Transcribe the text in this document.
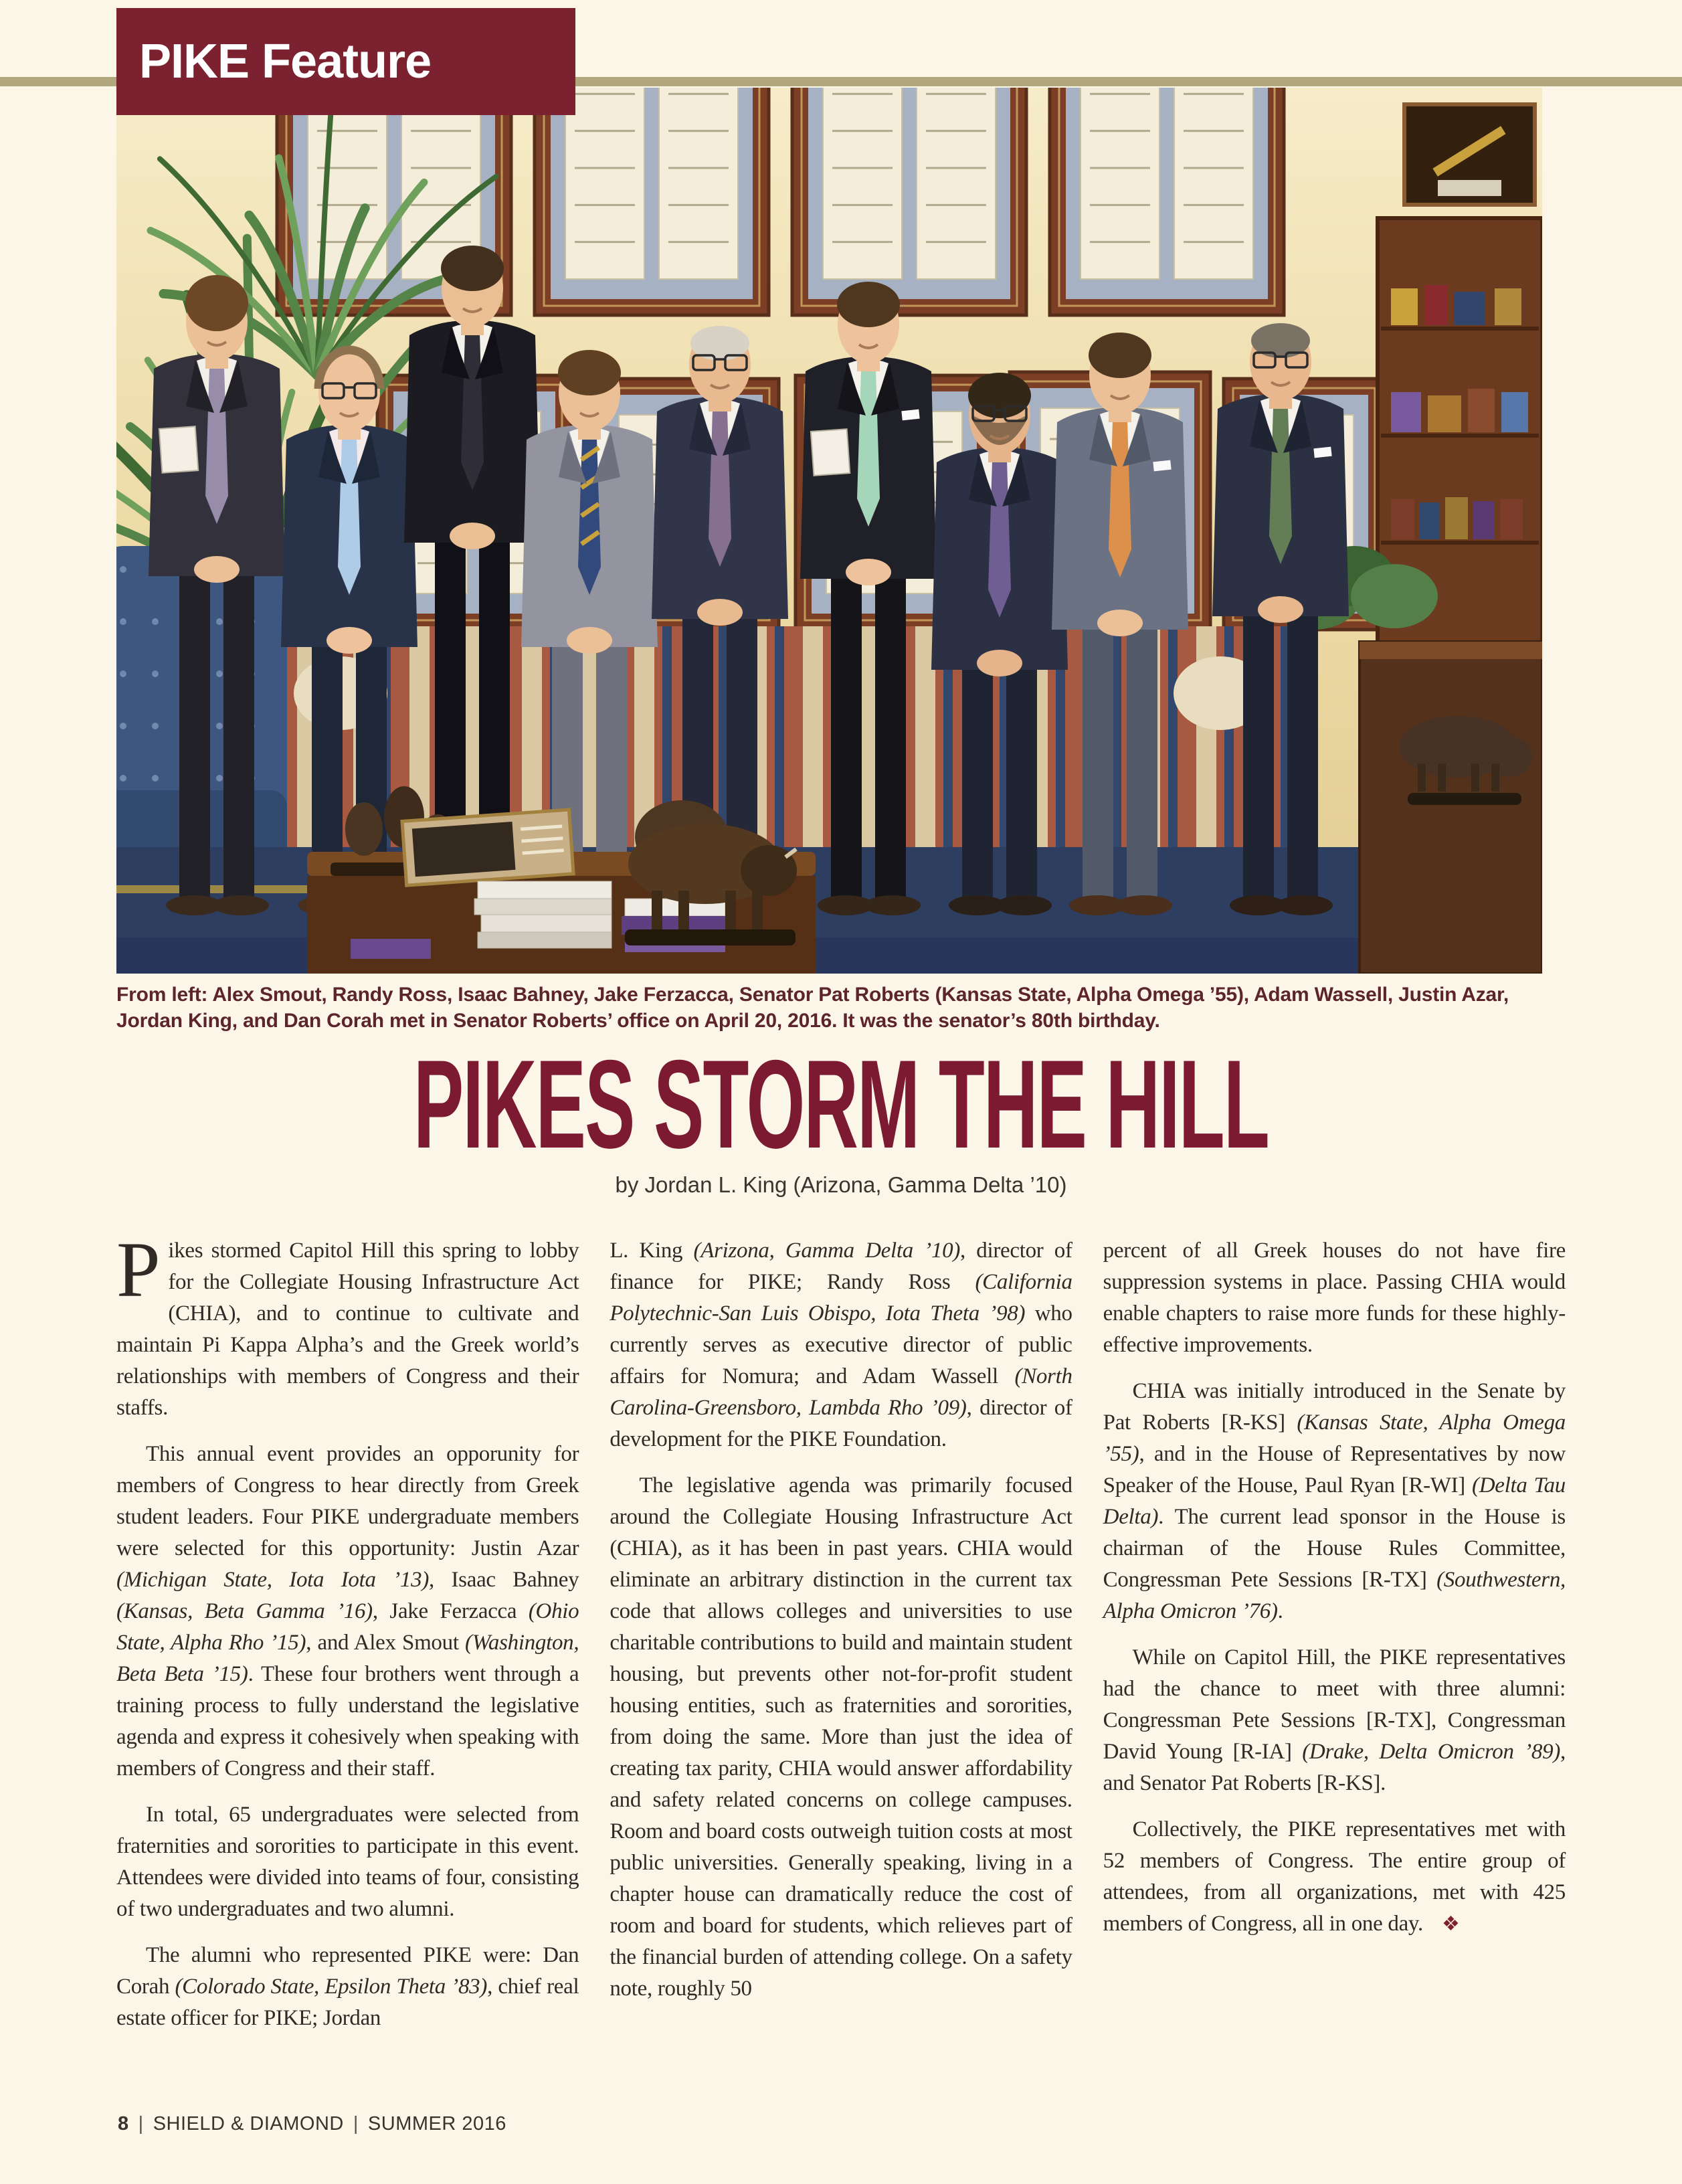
PIKE Feature
From left: Alex Smout, Randy Ross, Isaac Bahney, Jake Ferzacca, Senator Pat Roberts (Kansas State, Alpha Omega ’55), Adam Wassell, Justin Azar, Jordan King, and Dan Corah met in Senator Roberts’ office on April 20, 2016. It was the senator’s 80th birthday.
PIKES STORM THE HILL
by Jordan L. King (Arizona, Gamma Delta ’10)

Pikes stormed Capitol Hill this spring to lobby for the Collegiate Housing Infrastructure Act (CHIA), and to continue to cultivate and maintain Pi Kappa Alpha’s and the Greek world’s relationships with members of Congress and their staffs.

This annual event provides an opporunity for members of Congress to hear directly from Greek student leaders. Four PIKE undergraduate members were selected for this opportunity: Justin Azar (Michigan State, Iota Iota ’13), Isaac Bahney (Kansas, Beta Gamma ’16), Jake Ferzacca (Ohio State, Alpha Rho ’15), and Alex Smout (Washington, Beta Beta ’15). These four brothers went through a training process to fully understand the legislative agenda and express it cohesively when speaking with members of Congress and their staff.

In total, 65 undergraduates were selected from fraternities and sororities to participate in this event. Attendees were divided into teams of four, consisting of two undergraduates and two alumni.

The alumni who represented PIKE were: Dan Corah (Colorado State, Epsilon Theta ’83), chief real estate officer for PIKE; Jordan

L. King (Arizona, Gamma Delta ’10), director of finance for PIKE; Randy Ross (California Polytechnic-San Luis Obispo, Iota Theta ’98) who currently serves as executive director of public affairs for Nomura; and Adam Wassell (North Carolina-Greensboro, Lambda Rho ’09), director of development for the PIKE Foundation.

The legislative agenda was primarily focused around the Collegiate Housing Infrastructure Act (CHIA), as it has been in past years. CHIA would eliminate an arbitrary distinction in the current tax code that allows colleges and universities to use charitable contributions to build and maintain student housing, but prevents other not-for-profit student housing entities, such as fraternities and sororities, from doing the same. More than just the idea of creating tax parity, CHIA would answer affordability and safety related concerns on college campuses. Room and board costs outweigh tuition costs at most public universities. Generally speaking, living in a chapter house can dramatically reduce the cost of room and board for students, which relieves part of the financial burden of attending college. On a safety note, roughly 50

percent of all Greek houses do not have fire suppression systems in place. Passing CHIA would enable chapters to raise more funds for these highly-effective improvements.

CHIA was initially introduced in the Senate by Pat Roberts [R-KS] (Kansas State, Alpha Omega ’55), and in the House of Representatives by now Speaker of the House, Paul Ryan [R-WI] (Delta Tau Delta). The current lead sponsor in the House is chairman of the House Rules Committee, Congressman Pete Sessions [R-TX] (Southwestern, Alpha Omicron ’76).

While on Capitol Hill, the PIKE representatives had the chance to meet with three alumni: Congressman Pete Sessions [R-TX], Congressman David Young [R-IA] (Drake, Delta Omicron ’89), and Senator Pat Roberts [R-KS].

Collectively, the PIKE representatives met with 52 members of Congress. The entire group of attendees, from all organizations, met with 425 members of Congress, all in one day. ❖

8 | SHIELD & DIAMOND | SUMMER 2016
